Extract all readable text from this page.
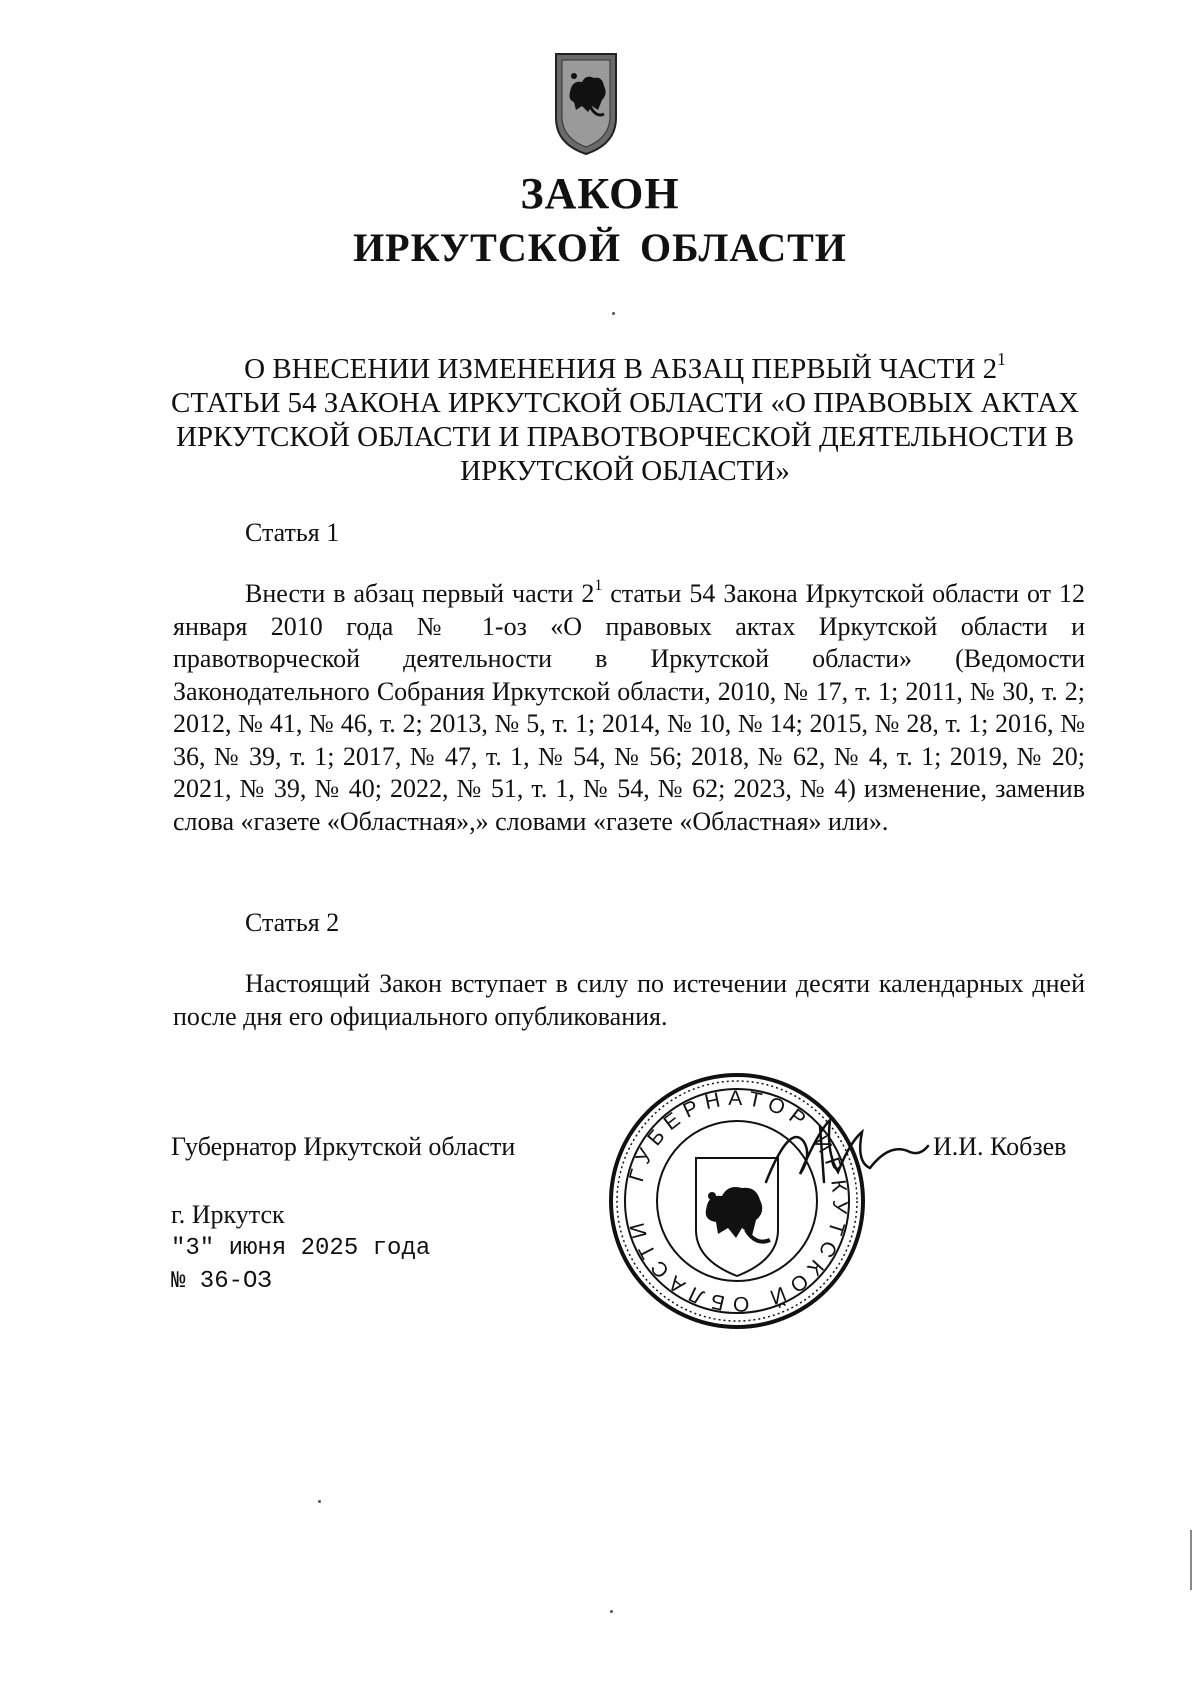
ЗАКОН
ИРКУТСКОЙ ОБЛАСТИ
О ВНЕСЕНИИ ИЗМЕНЕНИЯ В АБЗАЦ ПЕРВЫЙ ЧАСТИ $2^1$
СТАТЬИ 54 ЗАКОНА ИРКУТСКОЙ ОБЛАСТИ «О ПРАВОВЫХ АКТАХ
ИРКУТСКОЙ ОБЛАСТИ И ПРАВОТВОРЧЕСКОЙ ДЕЯТЕЛЬНОСТИ В
ИРКУТСКОЙ ОБЛАСТИ»
Статья 1
Внести в абзац первый части $2^1$ статьи 54 Закона Иркутской области от 12 января 2010 года № 1-оз «О правовых актах Иркутской области и правотворческой деятельности в Иркутской области» (Ведомости Законодательного Собрания Иркутской области, 2010, № 17, т. 1; 2011, № 30, т. 2; 2012, № 41, № 46, т. 2; 2013, № 5, т. 1; 2014, № 10, № 14; 2015, № 28, т. 1; 2016, № 36, № 39, т. 1; 2017, № 47, т. 1, № 54, № 56; 2018, № 62, № 4, т. 1; 2019, № 20; 2021, № 39, № 40; 2022, № 51, т. 1, № 54, № 62; 2023, № 4) изменение, заменив слова «газете «Областная»,» словами «газете «Областная» или».
Статья 2
Настоящий Закон вступает в силу по истечении десяти календарных дней после дня его официального опубликования.
Губернатор Иркутской области	И.И. Кобзев
г. Иркутск
"3" июня 2025 года
№ 36-ОЗ
ГУБЕРНАТОР ИРКУТСКОЙ ОБЛАСТИ
